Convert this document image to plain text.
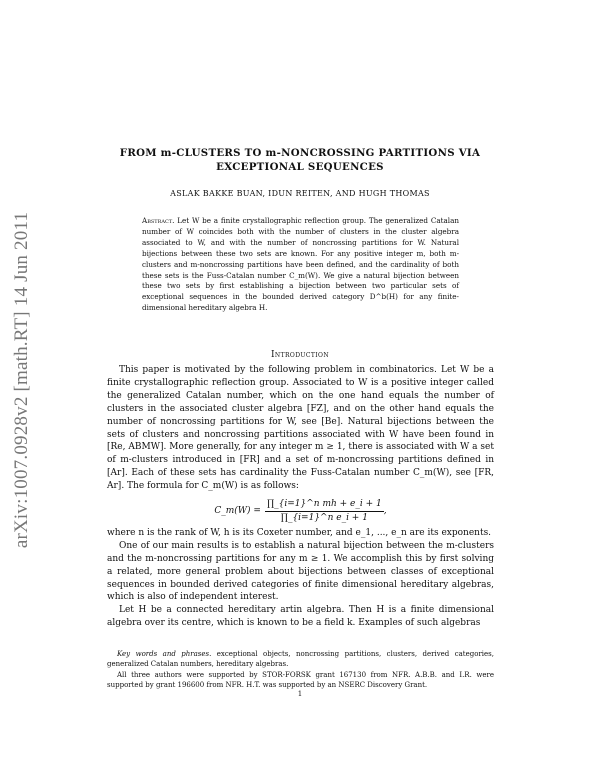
arXiv:1007.0928v2 [math.RT] 14 Jun 2011
FROM m-CLUSTERS TO m-NONCROSSING PARTITIONS VIA
EXCEPTIONAL SEQUENCES
ASLAK BAKKE BUAN, IDUN REITEN, AND HUGH THOMAS
Abstract. Let W be a finite crystallographic reflection group. The generalized Catalan number of W coincides both with the number of clusters in the cluster algebra associated to W, and with the number of noncrossing partitions for W. Natural bijections between these two sets are known. For any positive integer m, both m-clusters and m-noncrossing partitions have been defined, and the cardinality of both these sets is the Fuss-Catalan number C_m(W). We give a natural bijection between these two sets by first establishing a bijection between two particular sets of exceptional sequences in the bounded derived category D^b(H) for any finite-dimensional hereditary algebra H.
Introduction

This paper is motivated by the following problem in combinatorics. Let W be a finite crystallographic reflection group. Associated to W is a positive integer called the generalized Catalan number, which on the one hand equals the number of clusters in the associated cluster algebra [FZ], and on the other hand equals the number of noncrossing partitions for W, see [Be]. Natural bijections between the sets of clusters and noncrossing partitions associated with W have been found in [Re, ABMW]. More generally, for any integer m ≥ 1, there is associated with W a set of m-clusters introduced in [FR] and a set of m-noncrossing partitions defined in [Ar]. Each of these sets has cardinality the Fuss-Catalan number C_m(W), see [FR, Ar]. The formula for C_m(W) is as follows:

C_m(W) = $\frac{\text{∏\_\{i=1\}\textasciicircum{}n mh + e\_i + 1}}{\text{∏\_\{i=1\}\textasciicircum{}n e\_i + 1}}$ ,

where n is the rank of W, h is its Coxeter number, and e_1, ..., e_n are its exponents.

One of our main results is to establish a natural bijection between the m-clusters and the m-noncrossing partitions for any m ≥ 1. We accomplish this by first solving a related, more general problem about bijections between classes of exceptional sequences in bounded derived categories of finite dimensional hereditary algebras, which is also of independent interest.

Let H be a connected hereditary artin algebra. Then H is a finite dimensional algebra over its centre, which is known to be a field k. Examples of such algebras

Key words and phrases. exceptional objects, noncrossing partitions, clusters, derived categories, generalized Catalan numbers, hereditary algebras.

All three authors were supported by STOR-FORSK grant 167130 from NFR. A.B.B. and I.R. were supported by grant 196600 from NFR. H.T. was supported by an NSERC Discovery Grant.

1
